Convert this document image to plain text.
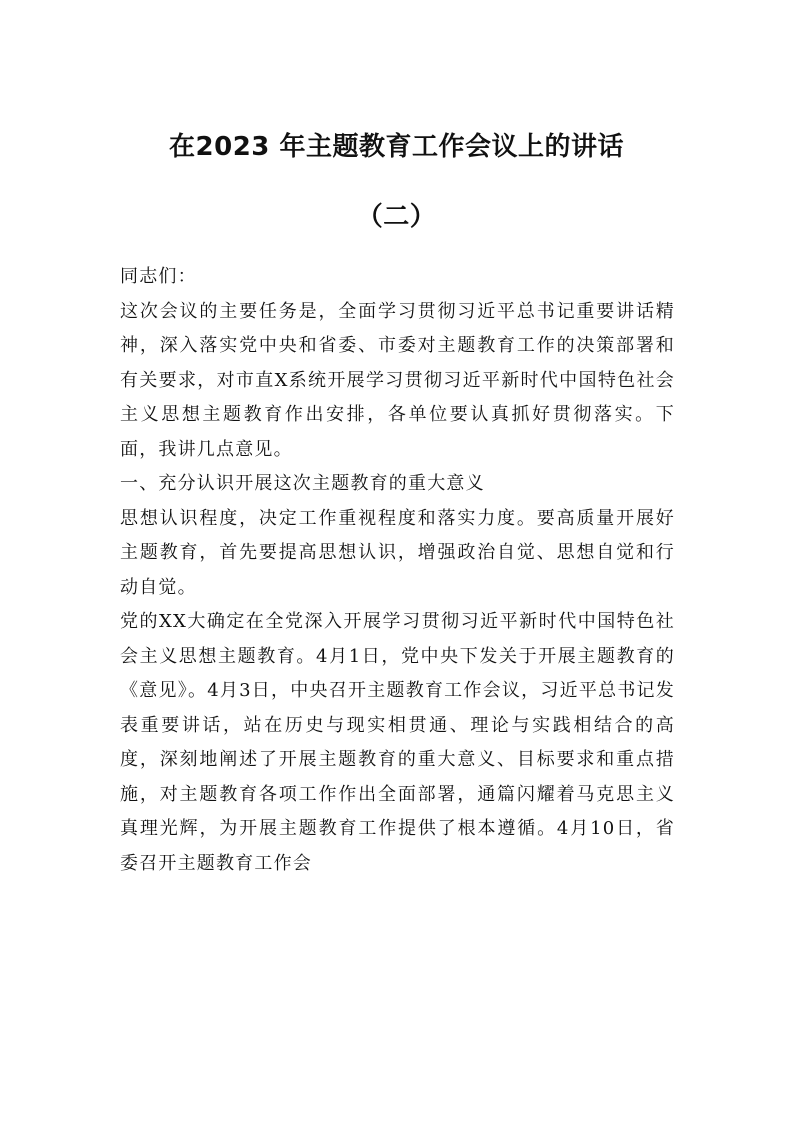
在2023 年主题教育工作会议上的讲话
（二）

同志们：

这次会议的主要任务是，全面学习贯彻习近平总书记重要讲话精神，深入落实党中央和省委、市委对主题教育工作的决策部署和有关要求，对市直X系统开展学习贯彻习近平新时代中国特色社会主义思想主题教育作出安排，各单位要认真抓好贯彻落实。下面，我讲几点意见。

一、充分认识开展这次主题教育的重大意义

思想认识程度，决定工作重视程度和落实力度。要高质量开展好主题教育，首先要提高思想认识，增强政治自觉、思想自觉和行动自觉。

党的XX大确定在全党深入开展学习贯彻习近平新时代中国特色社会主义思想主题教育。4月1日，党中央下发关于开展主题教育的《意见》。4月3日，中央召开主题教育工作会议，习近平总书记发表重要讲话，站在历史与现实相贯通、理论与实践相结合的高度，深刻地阐述了开展主题教育的重大意义、目标要求和重点措施，对主题教育各项工作作出全面部署，通篇闪耀着马克思主义真理光辉，为开展主题教育工作提供了根本遵循。4月10日，省委召开主题教育工作会
